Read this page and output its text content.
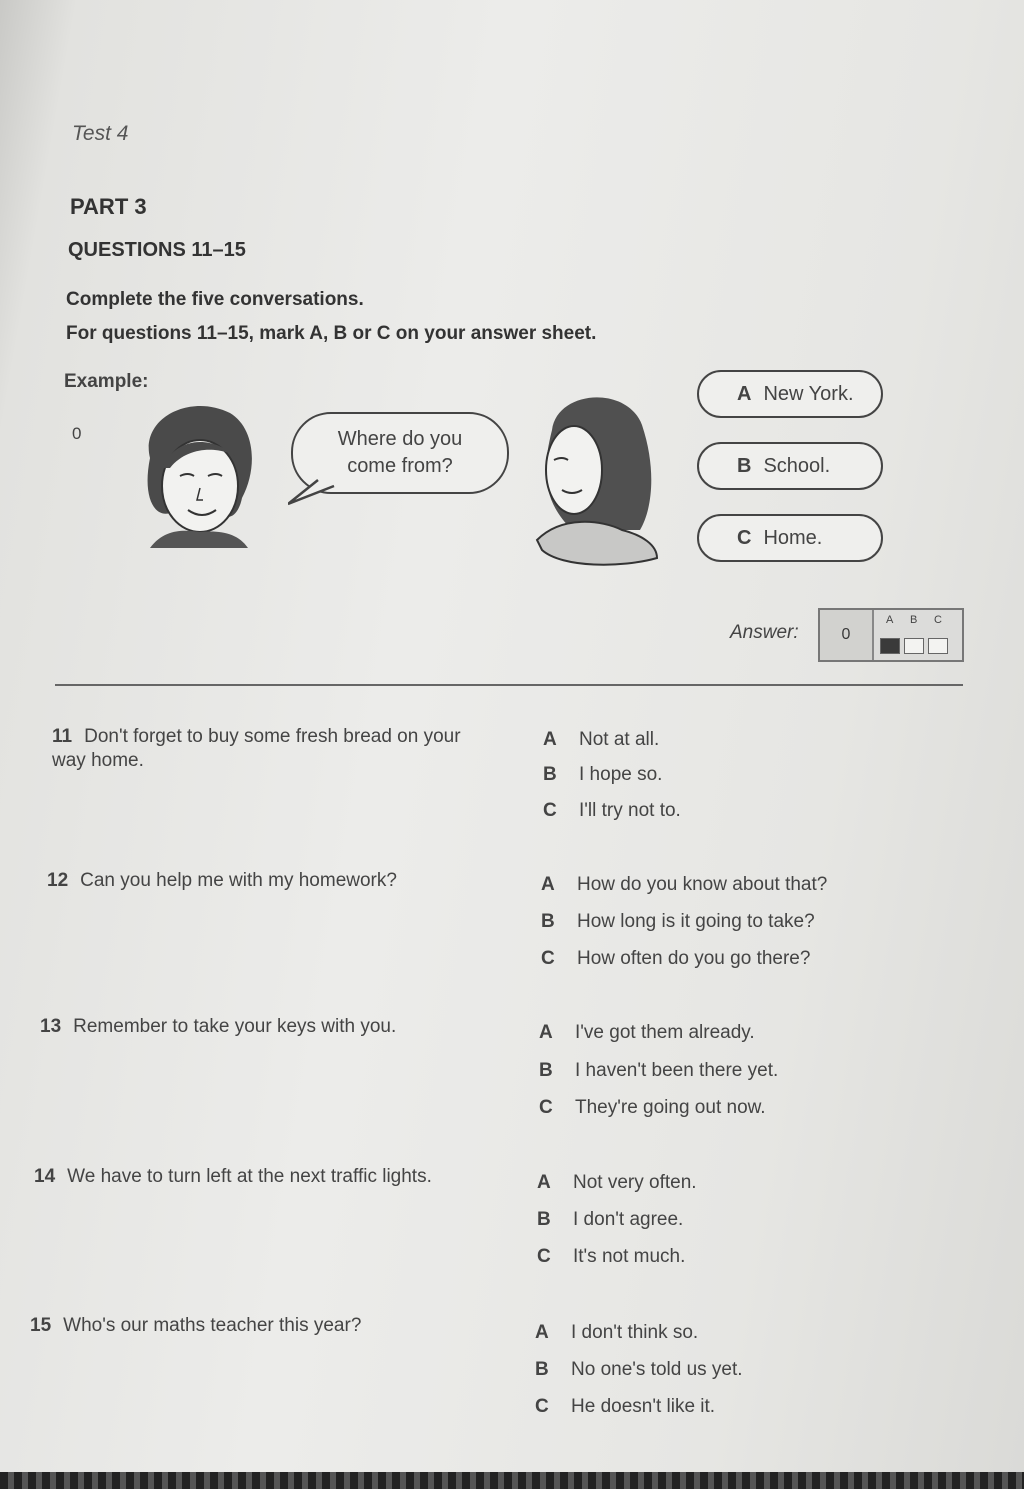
Test 4
PART 3
QUESTIONS 11–15
Complete the five conversations.
For questions 11–15, mark A, B or C on your answer sheet.
Example:
0	Where do you
come from?
A New York.
B School.
C Home.
Answer:	0
A B C
11 Don't forget to buy some fresh bread on your way home.
A Not at all.
B I hope so.
C I'll try not to.
12 Can you help me with my homework?	A How do you know about that?
B How long is it going to take?
C How often do you go there?
13 Remember to take your keys with you.	A I've got them already.
B I haven't been there yet.
C They're going out now.
14 We have to turn left at the next traffic lights.	A Not very often.
B I don't agree.
C It's not much.
15 Who's our maths teacher this year?	A I don't think so.
B No one's told us yet.
C He doesn't like it.
